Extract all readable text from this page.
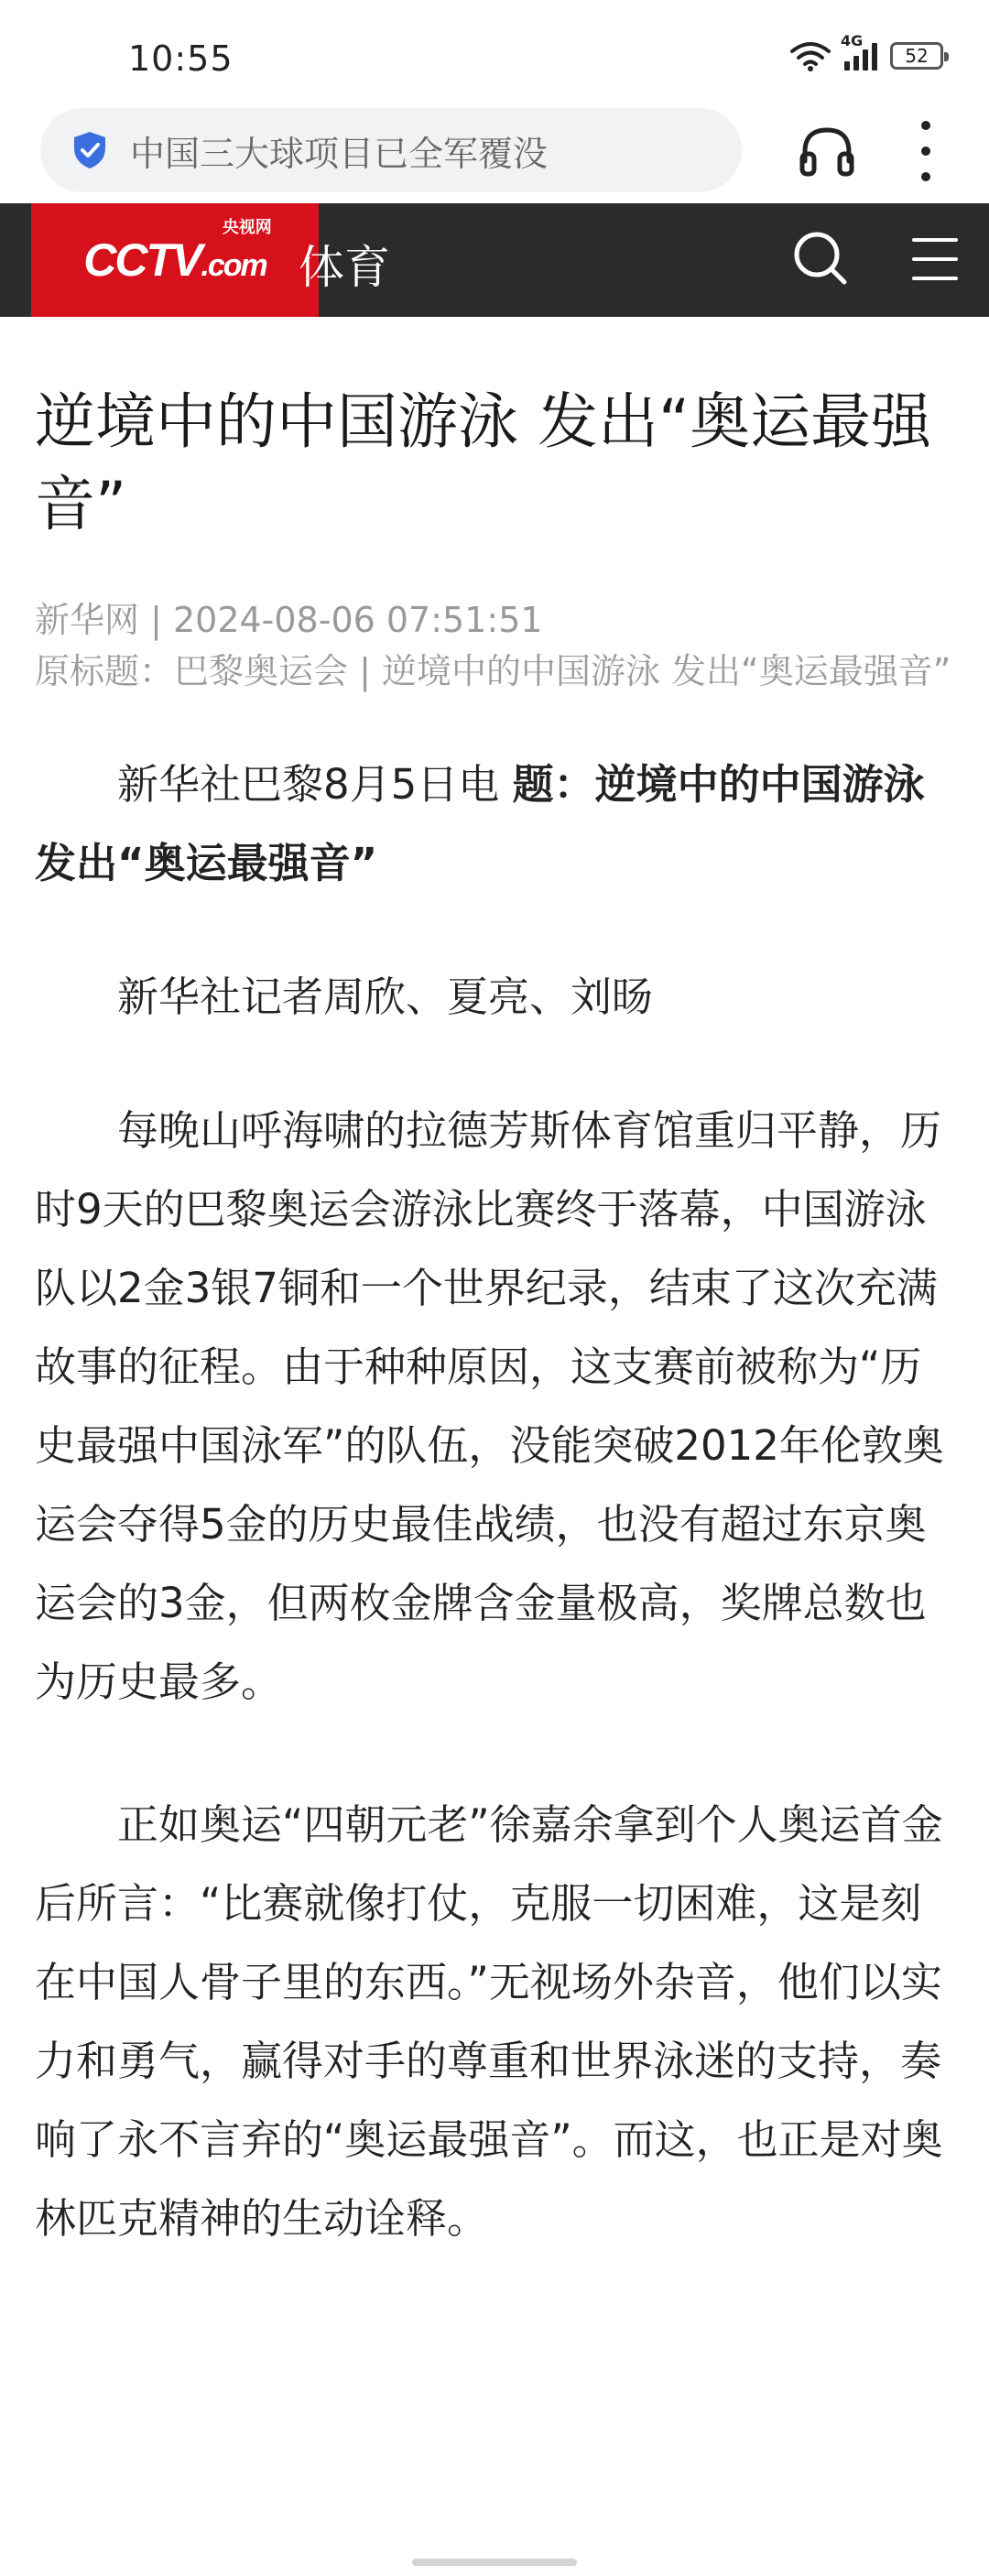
10:55	4G
52
中国三大球项目已全军覆没
CCTV.com
央视网
体育
逆境中的中国游泳 发出“奥运最强音”
新华网 | 2024-08-06 07:51:51
原标题：巴黎奥运会 | 逆境中的中国游泳 发出“奥运最强音”

新华社巴黎8月5日电 题：逆境中的中国游泳 发出“奥运最强音”

新华社记者周欣、夏亮、刘旸

每晚山呼海啸的拉德芳斯体育馆重归平静，历时9天的巴黎奥运会游泳比赛终于落幕，中国游泳队以2金3银7铜和一个世界纪录，结束了这次充满故事的征程。由于种种原因，这支赛前被称为“历史最强中国泳军”的队伍，没能突破2012年伦敦奥运会夺得5金的历史最佳战绩，也没有超过东京奥运会的3金，但两枚金牌含金量极高，奖牌总数也为历史最多。

正如奥运“四朝元老”徐嘉余拿到个人奥运首金后所言：“比赛就像打仗，克服一切困难，这是刻在中国人骨子里的东西。”无视场外杂音，他们以实力和勇气，赢得对手的尊重和世界泳迷的支持，奏响了永不言弃的“奥运最强音”。而这，也正是对奥林匹克精神的生动诠释。
